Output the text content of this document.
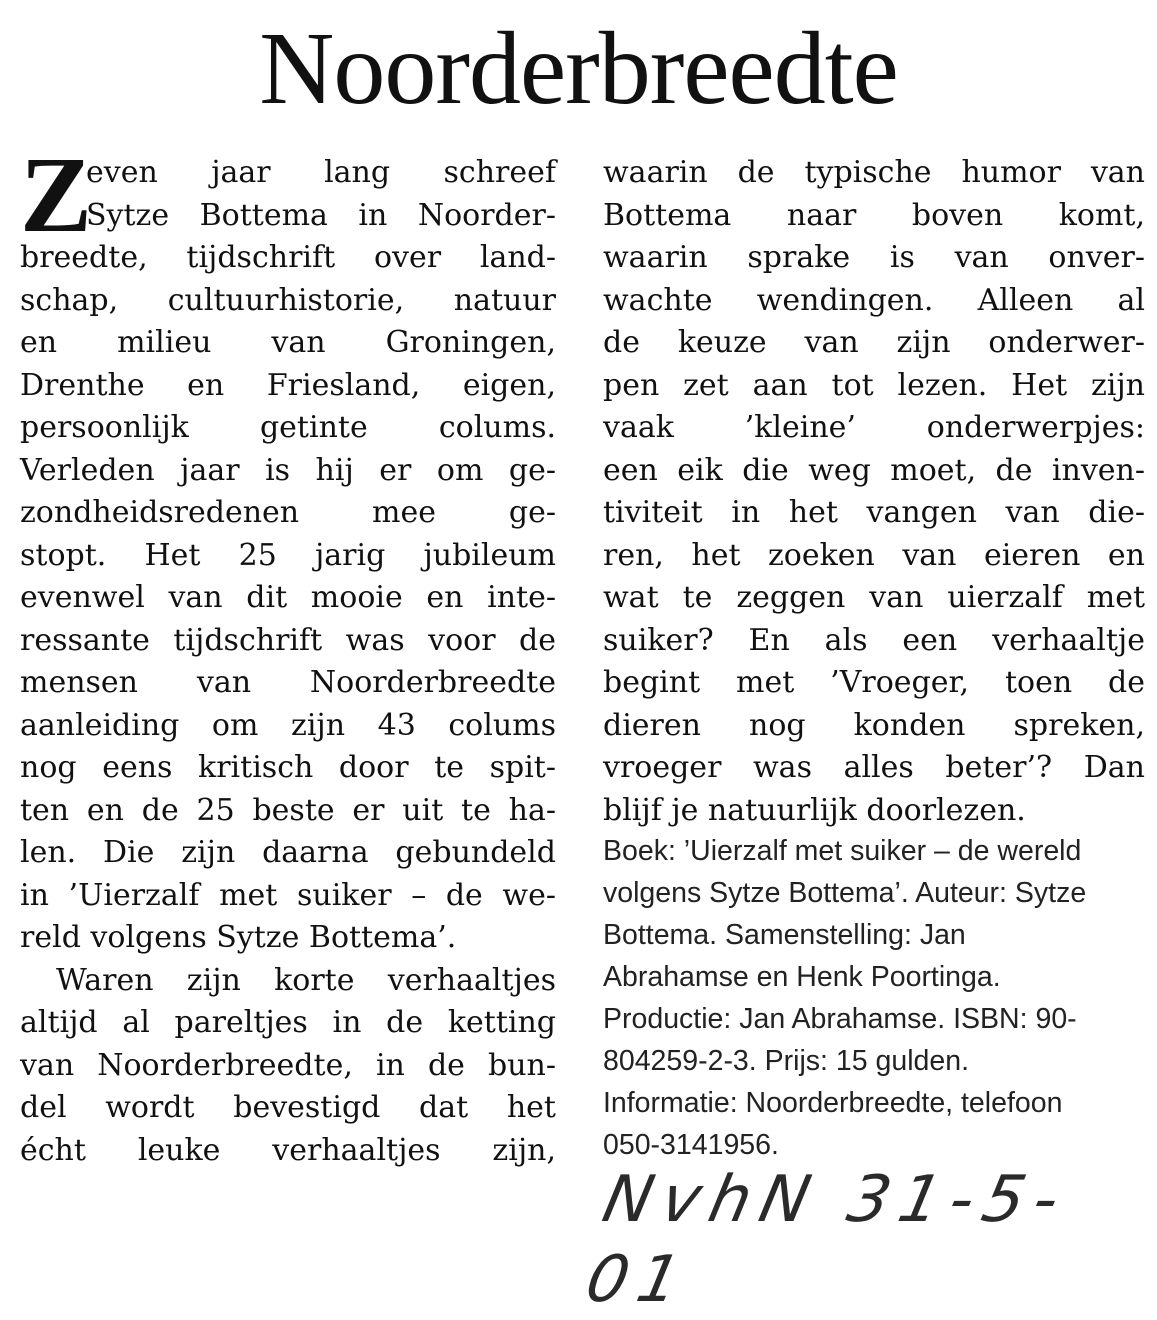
Noorderbreedte
Z
even jaar lang schreef
Sytze Bottema in Noorder-
breedte, tijdschrift over land-
schap, cultuurhistorie, natuur
en milieu van Groningen,
Drenthe en Friesland, eigen,
persoonlijk getinte colums.
Verleden jaar is hij er om ge-
zondheidsredenen mee ge-
stopt. Het 25 jarig jubileum
evenwel van dit mooie en inte-
ressante tijdschrift was voor de
mensen van Noorderbreedte
aanleiding om zijn 43 colums
nog eens kritisch door te spit-
ten en de 25 beste er uit te ha-
len. Die zijn daarna gebundeld
in ’Uierzalf met suiker – de we-
reld volgens Sytze Bottema’.
Waren zijn korte verhaaltjes
altijd al pareltjes in de ketting
van Noorderbreedte, in de bun-
del wordt bevestigd dat het
écht leuke verhaaltjes zijn,
waarin de typische humor van
Bottema naar boven komt,
waarin sprake is van onver-
wachte wendingen. Alleen al
de keuze van zijn onderwer-
pen zet aan tot lezen. Het zijn
vaak ’kleine’ onderwerpjes:
een eik die weg moet, de inven-
tiviteit in het vangen van die-
ren, het zoeken van eieren en
wat te zeggen van uierzalf met
suiker? En als een verhaaltje
begint met ’Vroeger, toen de
dieren nog konden spreken,
vroeger was alles beter’? Dan
blijf je natuurlijk doorlezen.
Boek: ’Uierzalf met suiker – de wereld
volgens Sytze Bottema’. Auteur: Sytze
Bottema. Samenstelling: Jan
Abrahamse en Henk Poortinga.
Productie: Jan Abrahamse. ISBN: 90-
804259-2-3. Prijs: 15 gulden.
Informatie: Noorderbreedte, telefoon
050-3141956.
NvhN 31-5-01
